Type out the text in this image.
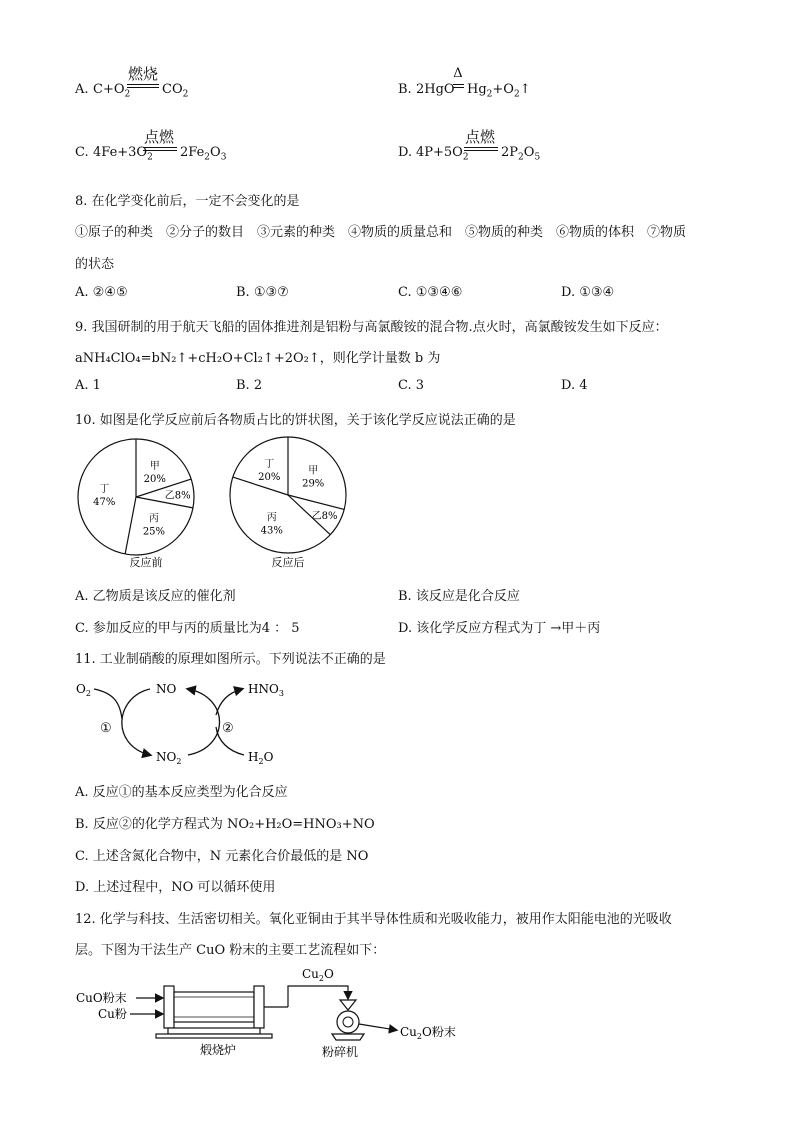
A. $C+O_2$
燃烧
$CO_2$	B. 2HgO
Δ
$Hg_2+O_2↑$
C. $4Fe+3O_2$
点燃
$2Fe_2O_3$	D. $4P+5O_2$
点燃
$2P_2O_5$
8. 在化学变化前后，一定不会变化的是
①原子的种类　②分子的数目　③元素的种类　④物质的质量总和　⑤物质的种类　⑥物质的体积　⑦物质
的状态
A. ②④⑤	B. ①③⑦	C. ①③④⑥	D. ①③④
9. 我国研制的用于航天飞船的固体推进剂是铝粉与高氯酸铵的混合物.点火时，高氯酸铵发生如下反应：
aNH₄ClO₄=bN₂↑+cH₂O+Cl₂↑+2O₂↑，则化学计量数 b 为
A. 1	B. 2	C. 3	D. 4
10. 如图是化学反应前后各物质占比的饼状图，关于该化学反应说法正确的是
20%
甲
乙8%
25%
丙
47%
丁
29%
甲
乙8%
43%
丙
20%
丁
反应前	反应后
A. 乙物质是该反应的催化剂	B. 该反应是化合反应
C. 参加反应的甲与丙的质量比为4 ： 5	D. 该化学反应方程式为丁 →甲＋丙
11. 工业制硝酸的原理如图所示。下列说法不正确的是
$O_2$	NO	$HNO_3$
$NO_2$	$H_2O$
①	②
A. 反应①的基本反应类型为化合反应
B. 反应②的化学方程式为 NO₂+H₂O=HNO₃+NO
C. 上述含氮化合物中，N 元素化合价最低的是 NO
D. 上述过程中，NO 可以循环使用
12. 化学与科技、生活密切相关。氧化亚铜由于其半导体性质和光吸收能力，被用作太阳能电池的光吸收
层。下图为干法生产 CuO 粉末的主要工艺流程如下：
CuO粉末
Cu粉
煅烧炉
$Cu_2O$
粉碎机
$Cu_2O$粉末
